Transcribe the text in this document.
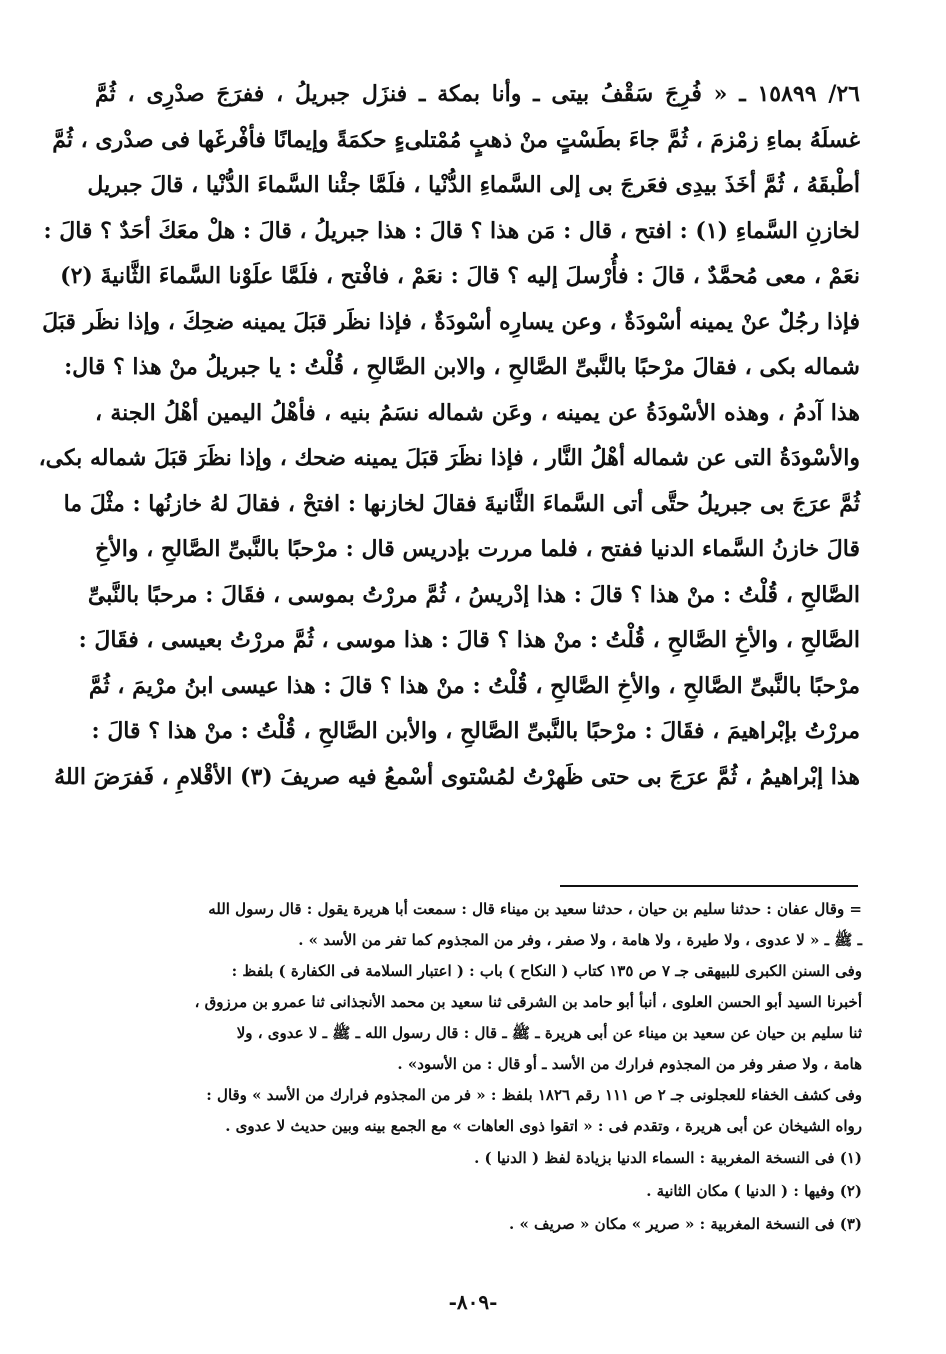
٢٦/ ١٥٨٩٩ ـ « فُرِجَ سَقْفُ بيتى ـ وأنا بمكة ـ فنزَل جبريلُ ، ففرَجَ صدْرِى ، ثُمَّ
غسلَهُ بماءِ زمْزمَ ، ثُمَّ جاءَ بطَسْتٍ منْ ذهبٍ مُمْتلىءٍ حكمَةً وإيمانًا فأفْرغَها فى صدْرى ، ثُمَّ
أطْبقَهُ ، ثُمَّ أخَذَ بيدِى فعَرجَ بى إلى السَّماءِ الدُّنْيا ، فلَمَّا جئْنا السَّماءَ الدُّنْيا ، قالَ جبريل
لخازنِ السَّماءِ (١) : افتح ، قال : مَن هذا ؟ قالَ : هذا جبريلُ ، قالَ : هلْ معَكَ أحَدٌ ؟ قالَ :
نعَمْ ، معى مُحمَّدٌ ، قالَ : فأُرْسلَ إليه ؟ قالَ : نعَمْ ، فافْتح ، فلَمَّا علَوْنا السَّماءَ الثَّانيةَ (٢)
فإذا رجُلٌ عنْ يمينه أسْودَةٌ ، وعن يسارِه أسْودَةٌ ، فإذا نظَر قبَلَ يمينه ضحِكَ ، وإذا نظَر قبَلَ
شماله بكى ، فقالَ مرْحبًا بالنَّبىِّ الصَّالحِ ، والابن الصَّالحِ ، قُلْتُ : يا جبريلُ منْ هذا ؟ قال:
هذا آدمُ ، وهذه الأسْودَةُ عن يمينه ، وعَن شماله نسَمُ بنيه ، فأهْلُ اليمين أهْلُ الجنة ،
والأسْودَةُ التى عن شماله أهْلُ النَّار ، فإذا نظَرَ قبَلَ يمينه ضحك ، وإذا نظَرَ قبَلَ شماله بكى،
ثُمَّ عرَجَ بى جبريلُ حتَّى أتى السَّماءَ الثَّانيةَ فقالَ لخازنها : افتحْ ، فقالَ لهُ خازنُها : مثْلَ ما
قالَ خازنُ السَّماء الدنيا ففتح ، فلما مررت بإدريس قال : مرْحبًا بالنَّبىِّ الصَّالحِ ، والأخِ
الصَّالحِ ، قُلْتُ : منْ هذا ؟ قالَ : هذا إدْريسُ ، ثُمَّ مررْتُ بموسى ، فقَالَ : مرحبًا بالنَّبىِّ
الصَّالحِ ، والأخِ الصَّالحِ ، قُلْتُ : منْ هذا ؟ قالَ : هذا موسى ، ثُمَّ مررْتُ بعيسى ، فقَالَ :
مرْحبًا بالنَّبىِّ الصَّالحِ ، والأخِ الصَّالحِ ، قُلْتُ : منْ هذا ؟ قالَ : هذا عيسى ابنُ مرْيمَ ، ثُمَّ
مررْتُ بإبْراهيمَ ، فقَالَ : مرْحبًا بالنَّبىِّ الصَّالحِ ، والأبن الصَّالحِ ، قُلْتُ : منْ هذا ؟ قالَ :
هذا إبْراهيمُ ، ثُمَّ عرَجَ بى حتى ظَهرْتُ لمُسْتوى أسْمعُ فيه صريفَ (٣) الأقْلامِ ، فَفرَضَ اللهُ
= وقال عفان : حدثنا سليم بن حيان ، حدثنا سعيد بن ميناء قال : سمعت أبا هريرة يقول : قال رسول الله
ـ ﷺ ـ « لا عدوى ، ولا طيرة ، ولا هامة ، ولا صفر ، وفر من المجذوم كما تفر من الأسد » .
وفى السنن الكبرى للبيهقى جـ ٧ ص ١٣٥ كتاب ( النكاح ) باب : ( اعتبار السلامة فى الكفارة ) بلفظ :
أخبرنا السيد أبو الحسن العلوى ، أنبأ أبو حامد بن الشرقى ثنا سعيد بن محمد الأنجذانى ثنا عمرو بن مرزوق ،
ثنا سليم بن حيان عن سعيد بن ميناء عن أبى هريرة ـ ﷺ ـ قال : قال رسول الله ـ ﷺ ـ لا عدوى ، ولا
هامة ، ولا صفر وفر من المجذوم فرارك من الأسد ـ أو قال : من الأسود» .
وفى كشف الخفاء للعجلونى جـ ٢ ص ١١١ رقم ١٨٢٦ بلفظ : « فر من المجذوم فرارك من الأسد » وقال :
رواه الشيخان عن أبى هريرة ، وتقدم فى : « اتقوا ذوى العاهات » مع الجمع بينه وبين حديث لا عدوى .
(١) فى النسخة المغربية : السماء الدنيا بزيادة لفظ ( الدنيا ) .
(٢) وفيها : ( الدنيا ) مكان الثانية .
(٣) فى النسخة المغربية : « صرير » مكان « صريف » .
-٨٠٩-
